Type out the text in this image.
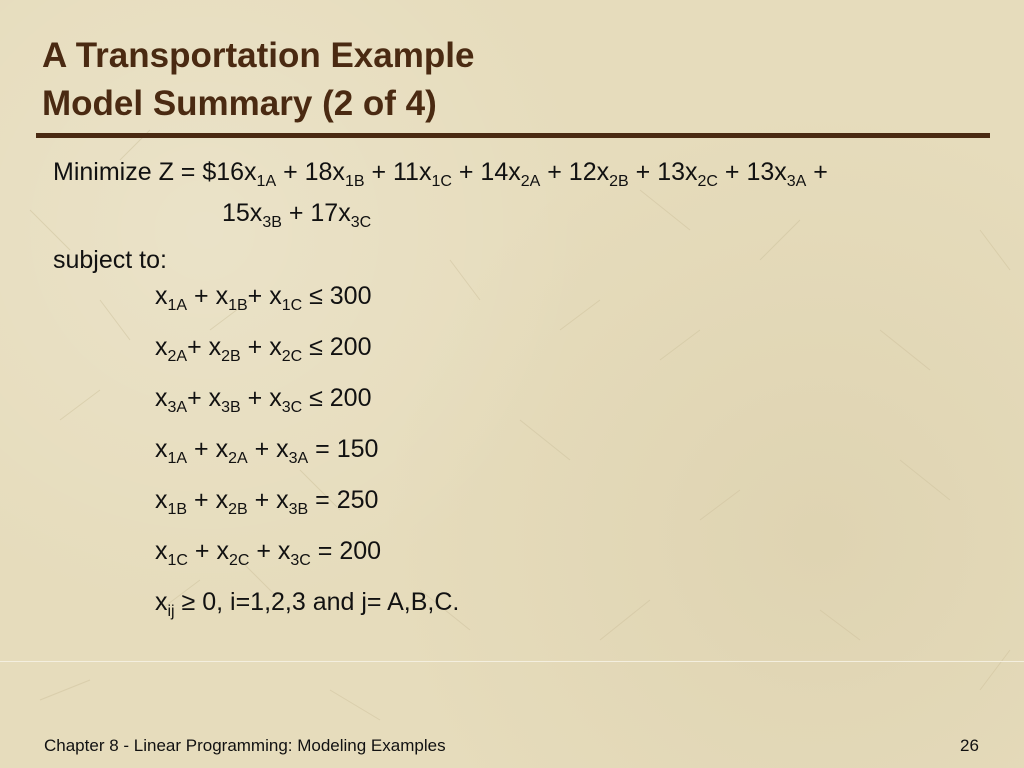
A Transportation Example
Model Summary (2 of 4)
Minimize $Z = \$16x_{1A} + 18x_{1B} + 11x_{1C} + 14x_{2A} + 12x_{2B} + 13x_{2C} + 13x_{3A}$ +
$15x_{3B} + 17x_{3C}$
subject to:
$x_{1A} + x_{1B}+ x_{1C} \le 300$
$x_{2A}+ x_{2B} + x_{2C} \le 200$
$x_{3A}+ x_{3B} + x_{3C} \le 200$
$x_{1A} + x_{2A} + x_{3A} = 150$
$x_{1B} + x_{2B} + x_{3B} = 250$
$x_{1C} + x_{2C} + x_{3C} = 200$
$x_{ij} \ge 0$, i=1,2,3 and j= A,B,C.
Chapter 8 - Linear Programming: Modeling Examples	26
